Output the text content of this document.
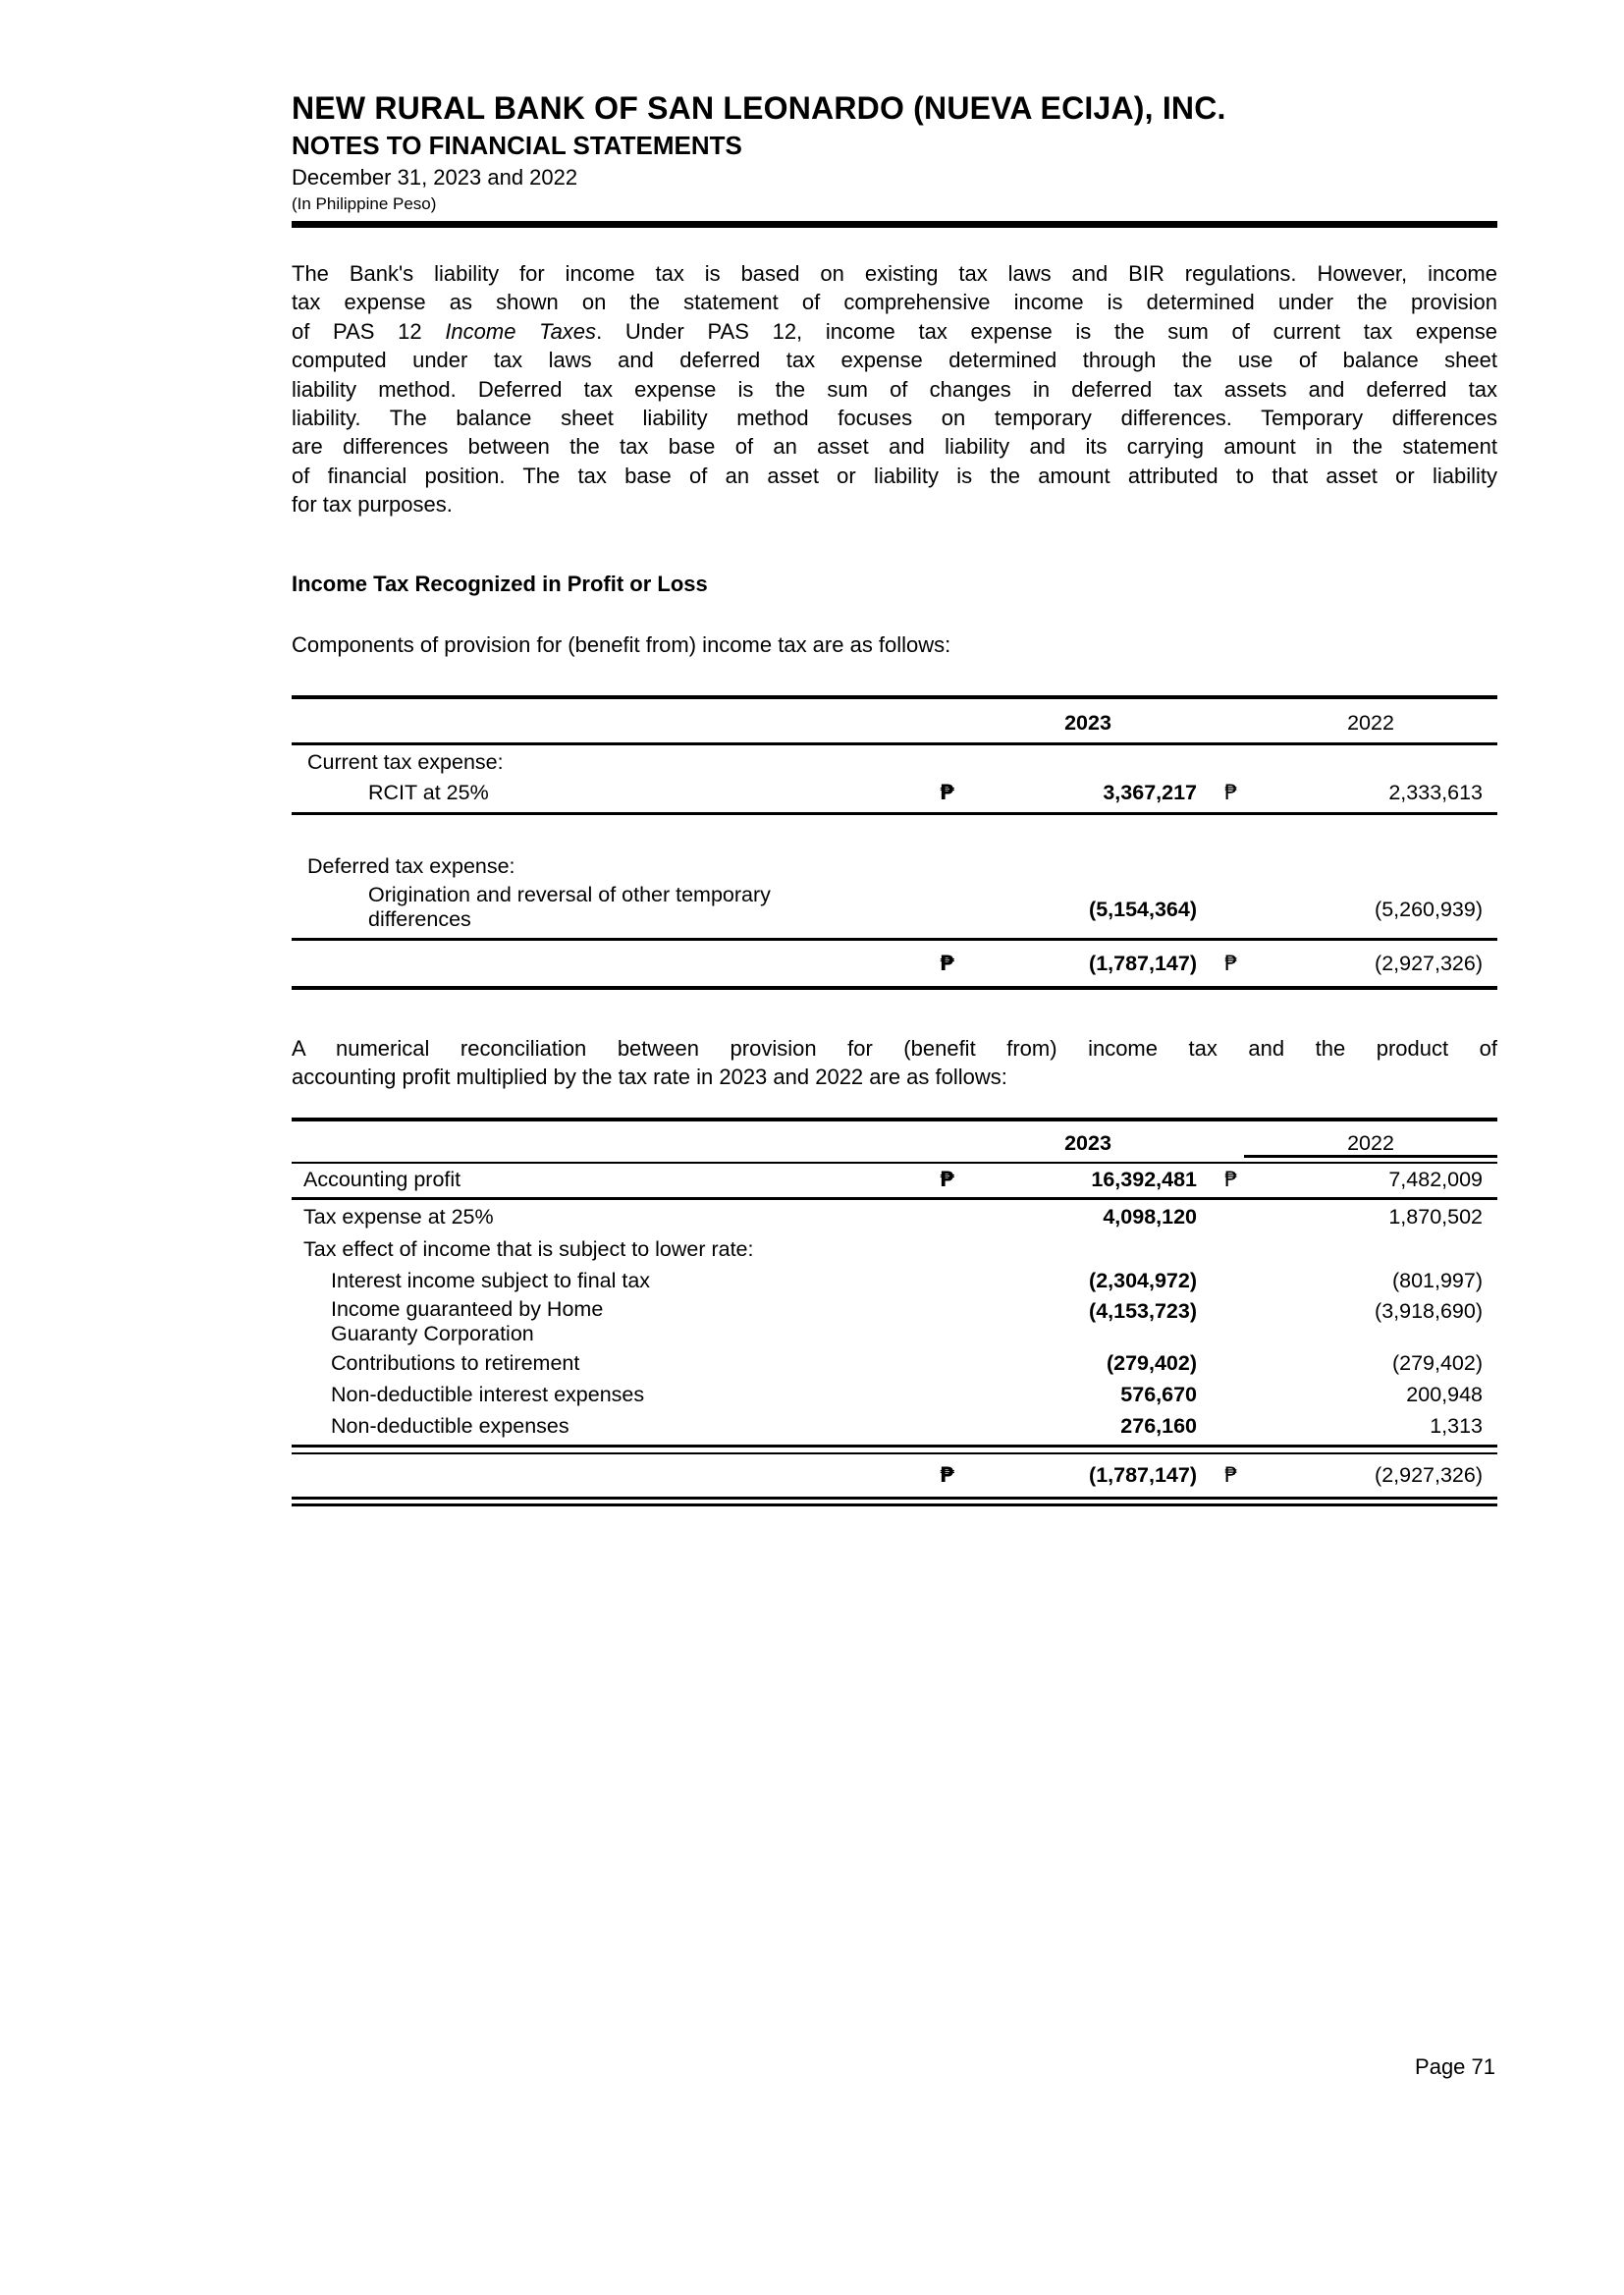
NEW RURAL BANK OF SAN LEONARDO (NUEVA ECIJA), INC.
NOTES TO FINANCIAL STATEMENTS
December 31, 2023 and 2022
(In Philippine Peso)
The Bank's liability for income tax is based on existing tax laws and BIR regulations. However, income
tax expense as shown on the statement of comprehensive income is determined under the provision
of PAS 12 Income Taxes. Under PAS 12, income tax expense is the sum of current tax expense
computed under tax laws and deferred tax expense determined through the use of balance sheet
liability method. Deferred tax expense is the sum of changes in deferred tax assets and deferred tax
liability. The balance sheet liability method focuses on temporary differences. Temporary differences
are differences between the tax base of an asset and liability and its carrying amount in the statement
of financial position. The tax base of an asset or liability is the amount attributed to that asset or liability
for tax purposes.
Income Tax Recognized in Profit or Loss
Components of provision for (benefit from) income tax are as follows:
		2023		2022
Current tax expense:				
RCIT at 25%	₱	3,367,217	₱	2,333,613

Deferred tax expense:				
Origination and reversal of other temporary differences		(5,154,364)		(5,260,939)
	₱	(1,787,147)	₱	(2,927,326)
A numerical reconciliation between provision for (benefit from) income tax and the product of
accounting profit multiplied by the tax rate in 2023 and 2022 are as follows:
		2023		2022
Accounting profit	₱	16,392,481	₱	7,482,009
Tax expense at 25%		4,098,120		1,870,502
Tax effect of income that is subject to lower rate:				
Interest income subject to final tax		(2,304,972)		(801,997)
Income guaranteed by Home Guaranty Corporation		(4,153,723)		(3,918,690)
Contributions to retirement		(279,402)		(279,402)
Non-deductible interest expenses		576,670		200,948
Non-deductible expenses		276,160		1,313

	₱	(1,787,147)	₱	(2,927,326)

Page 71
